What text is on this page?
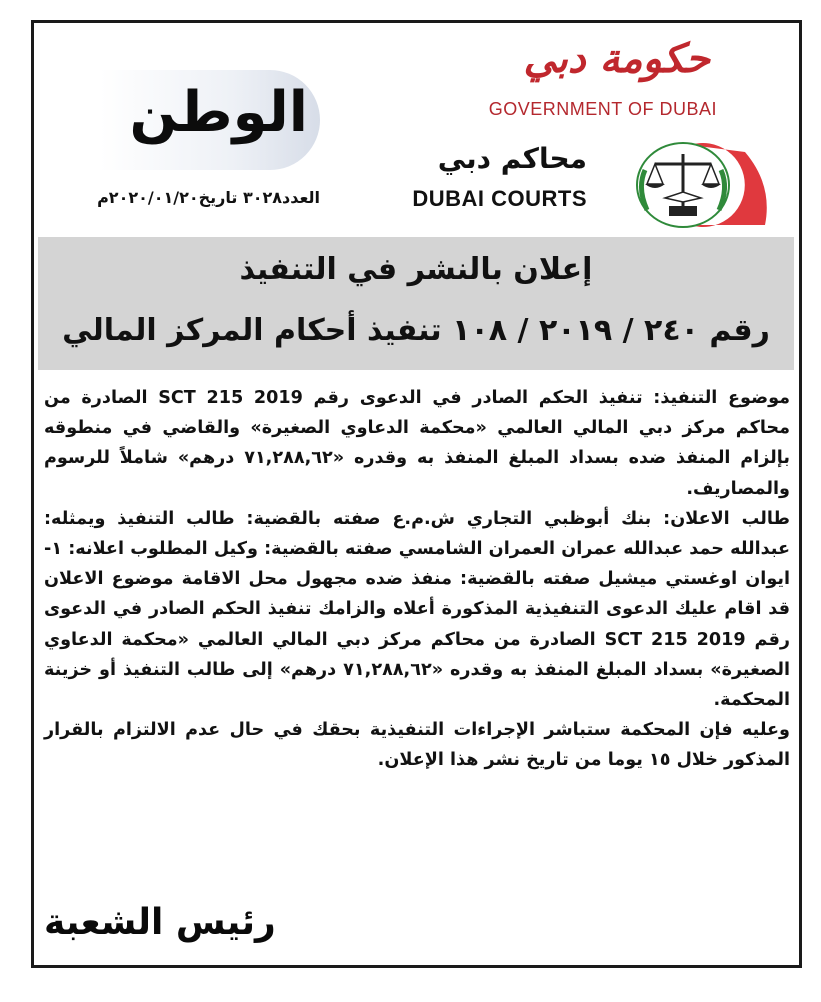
الوطن
العدد٣٠٢٨ تاريخ٢٠٢٠/٠١/٢٠م
حكومة دبي
GOVERNMENT OF DUBAI
محاكم دبي
DUBAI COURTS
إعلان بالنشر في التنفيذ
رقم ٢٤٠ / ٢٠١٩ / ١٠٨ تنفيذ أحكام المركز المالي

موضوع التنفيذ: تنفيذ الحكم الصادر في الدعوى رقم SCT 215 2019 الصادرة من محاكم مركز دبي المالي العالمي «محكمة الدعاوي الصغيرة» والقاضي في منطوقه بإلزام المنفذ ضده بسداد المبلغ المنفذ به وقدره «٧١,٢٨٨,٦٢ درهم» شاملاً للرسوم والمصاريف.

طالب الاعلان: بنك أبوظبي التجاري ش.م.ع صفته بالقضية: طالب التنفيذ ويمثله: عبدالله حمد عبدالله عمران العمران الشامسي صفته بالقضية: وكيل المطلوب اعلانه: ١- ايوان اوغستي ميشيل صفته بالقضية: منفذ ضده مجهول محل الاقامة موضوع الاعلان قد اقام عليك الدعوى التنفيذية المذكورة أعلاه والزامك تنفيذ الحكم الصادر في الدعوى رقم SCT 215 2019 الصادرة من محاكم مركز دبي المالي العالمي «محكمة الدعاوي الصغيرة» بسداد المبلغ المنفذ به وقدره «٧١,٢٨٨,٦٢ درهم» إلى طالب التنفيذ أو خزينة المحكمة.

وعليه فإن المحكمة ستباشر الإجراءات التنفيذية بحقك في حال عدم الالتزام بالقرار المذكور خلال ١٥ يوما من تاريخ نشر هذا الإعلان.

رئيس الشعبة
